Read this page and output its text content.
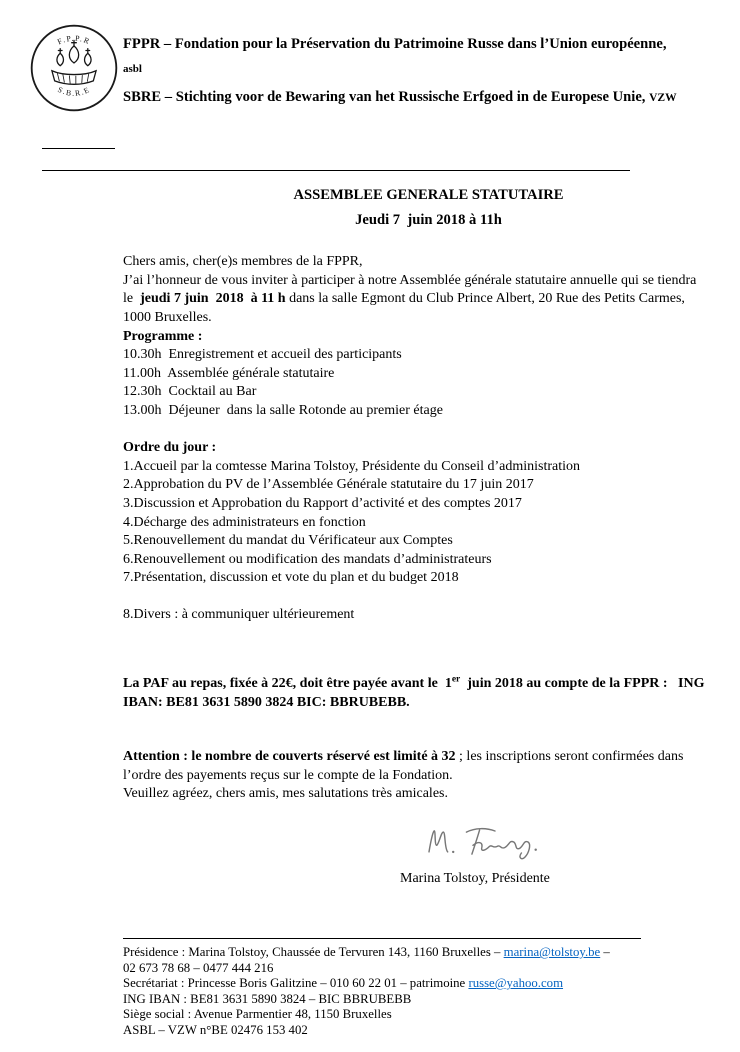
F.P.P.R
S.B.R.E

FPPR – Fondation pour la Préservation du Patrimoine Russe dans l’Union européenne,

asbl

SBRE – Stichting voor de Bewaring van het Russische Erfgoed in de Europese Unie, VZW

ASSEMBLEE GENERALE STATUTAIRE

Jeudi 7  juin 2018 à 11h

Chers amis, cher(e)s membres de la FPPR,

J’ai l’honneur de vous inviter à participer à notre Assemblée générale statutaire annuelle qui se tiendra le  jeudi 7 juin  2018  à 11 h dans la salle Egmont du Club Prince Albert, 20 Rue des Petits Carmes, 1000 Bruxelles.

Programme :

10.30h  Enregistrement et accueil des participants

11.00h  Assemblée générale statutaire

12.30h  Cocktail au Bar

13.00h  Déjeuner  dans la salle Rotonde au premier étage

Ordre du jour :

1.Accueil par la comtesse Marina Tolstoy, Présidente du Conseil d’administration

2.Approbation du PV de l’Assemblée Générale statutaire du 17 juin 2017

3.Discussion et Approbation du Rapport d’activité et des comptes 2017

4.Décharge des administrateurs en fonction

5.Renouvellement du mandat du Vérificateur aux Comptes

6.Renouvellement ou modification des mandats d’administrateurs

7.Présentation, discussion et vote du plan et du budget 2018

8.Divers : à communiquer ultérieurement

La PAF au repas, fixée à 22€, doit être payée avant le  1er  juin 2018 au compte de la FPPR :   ING IBAN: BE81 3631 5890 3824 BIC: BBRUBEBB.

Attention : le nombre de couverts réservé est limité à 32 ; les inscriptions seront confirmées dans l’ordre des payements reçus sur le compte de la Fondation.

Veuillez agréez, chers amis, mes salutations très amicales.

Marina Tolstoy, Présidente

Présidence : Marina Tolstoy, Chaussée de Tervuren 143, 1160 Bruxelles – marina@tolstoy.be –

02 673 78 68 – 0477 444 216

Secrétariat : Princesse Boris Galitzine – 010 60 22 01 – patrimoine russe@yahoo.com

ING IBAN : BE81 3631 5890 3824 – BIC BBRUBEBB

Siège social : Avenue Parmentier 48, 1150 Bruxelles

ASBL – VZW n°BE 02476 153 402
